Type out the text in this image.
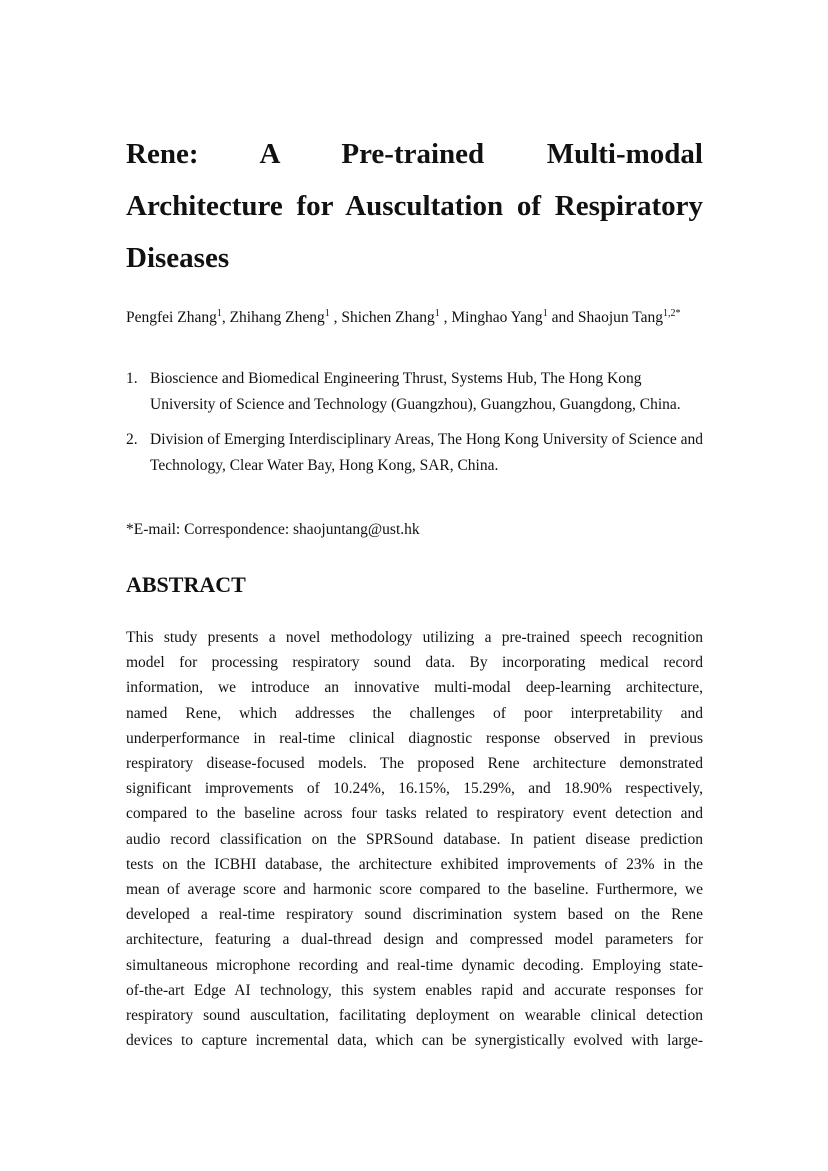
Rene: A Pre-trained Multi-modal
Architecture for Auscultation of Respiratory
Diseases
Pengfei Zhang$^1$, Zhihang Zheng$^1$ , Shichen Zhang$^1$ , Minghao Yang$^1$ and Shaojun Tang$^{1,2*}$
1. Bioscience and Biomedical Engineering Thrust, Systems Hub, The Hong Kong University of Science and Technology (Guangzhou), Guangzhou, Guangdong, China.
2. Division of Emerging Interdisciplinary Areas, The Hong Kong University of Science and Technology, Clear Water Bay, Hong Kong, SAR, China.
*E-mail: Correspondence: shaojuntang@ust.hk
ABSTRACT

This study presents a novel methodology utilizing a pre-trained speech recognition
model for processing respiratory sound data. By incorporating medical record
information, we introduce an innovative multi-modal deep-learning architecture,
named Rene, which addresses the challenges of poor interpretability and
underperformance in real-time clinical diagnostic response observed in previous
respiratory disease-focused models. The proposed Rene architecture demonstrated
significant improvements of 10.24%, 16.15%, 15.29%, and 18.90% respectively,
compared to the baseline across four tasks related to respiratory event detection and
audio record classification on the SPRSound database. In patient disease prediction
tests on the ICBHI database, the architecture exhibited improvements of 23% in the
mean of average score and harmonic score compared to the baseline. Furthermore, we
developed a real-time respiratory sound discrimination system based on the Rene
architecture, featuring a dual-thread design and compressed model parameters for
simultaneous microphone recording and real-time dynamic decoding. Employing state-
of-the-art Edge AI technology, this system enables rapid and accurate responses for
respiratory sound auscultation, facilitating deployment on wearable clinical detection
devices to capture incremental data, which can be synergistically evolved with large-
